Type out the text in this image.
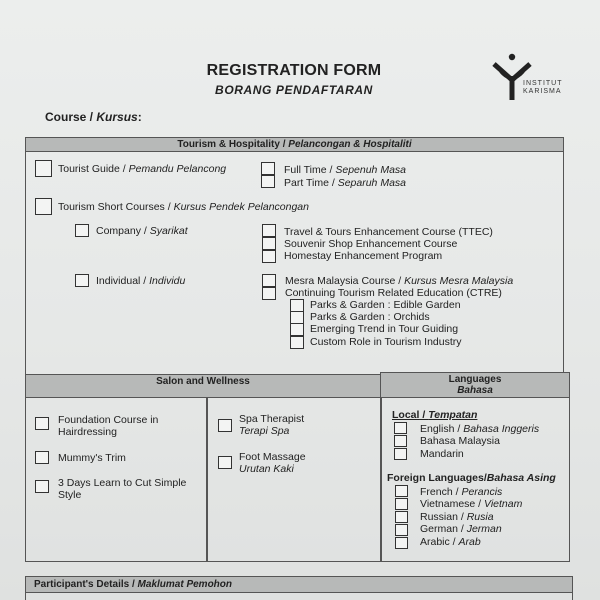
INSTITUT KARISMA
REGISTRATION FORM
BORANG PENDAFTARAN
Course / Kursus:
Tourism & Hospitality / Pelancongan & Hospitaliti
Tourist Guide / Pemandu Pelancong	Full Time / Sepenuh Masa
Part Time / Separuh Masa
Tourism Short Courses / Kursus Pendek Pelancongan
Company / Syarikat	Travel & Tours Enhancement Course (TTEC)
Souvenir Shop Enhancement Course
Homestay Enhancement Program
Individual / Individu	Mesra Malaysia Course / Kursus Mesra Malaysia
Continuing Tourism Related Education (CTRE)
Parks & Garden : Edible Garden
Parks & Garden : Orchids
Emerging Trend in Tour Guiding
Custom Role in Tourism Industry
Salon and Wellness	Languages
Bahasa
Foundation Course in Hairdressing
Mummy's Trim
3 Days Learn to Cut Simple Style
Spa Therapist
Terapi Spa
Foot Massage
Urutan Kaki
Local / Tempatan
English / Bahasa Inggeris
Bahasa Malaysia
Mandarin
Foreign Languages/Bahasa Asing
French / Perancis
Vietnamese / Vietnam
Russian / Rusia
German / Jerman
Arabic / Arab
Participant's Details / Maklumat Pemohon
